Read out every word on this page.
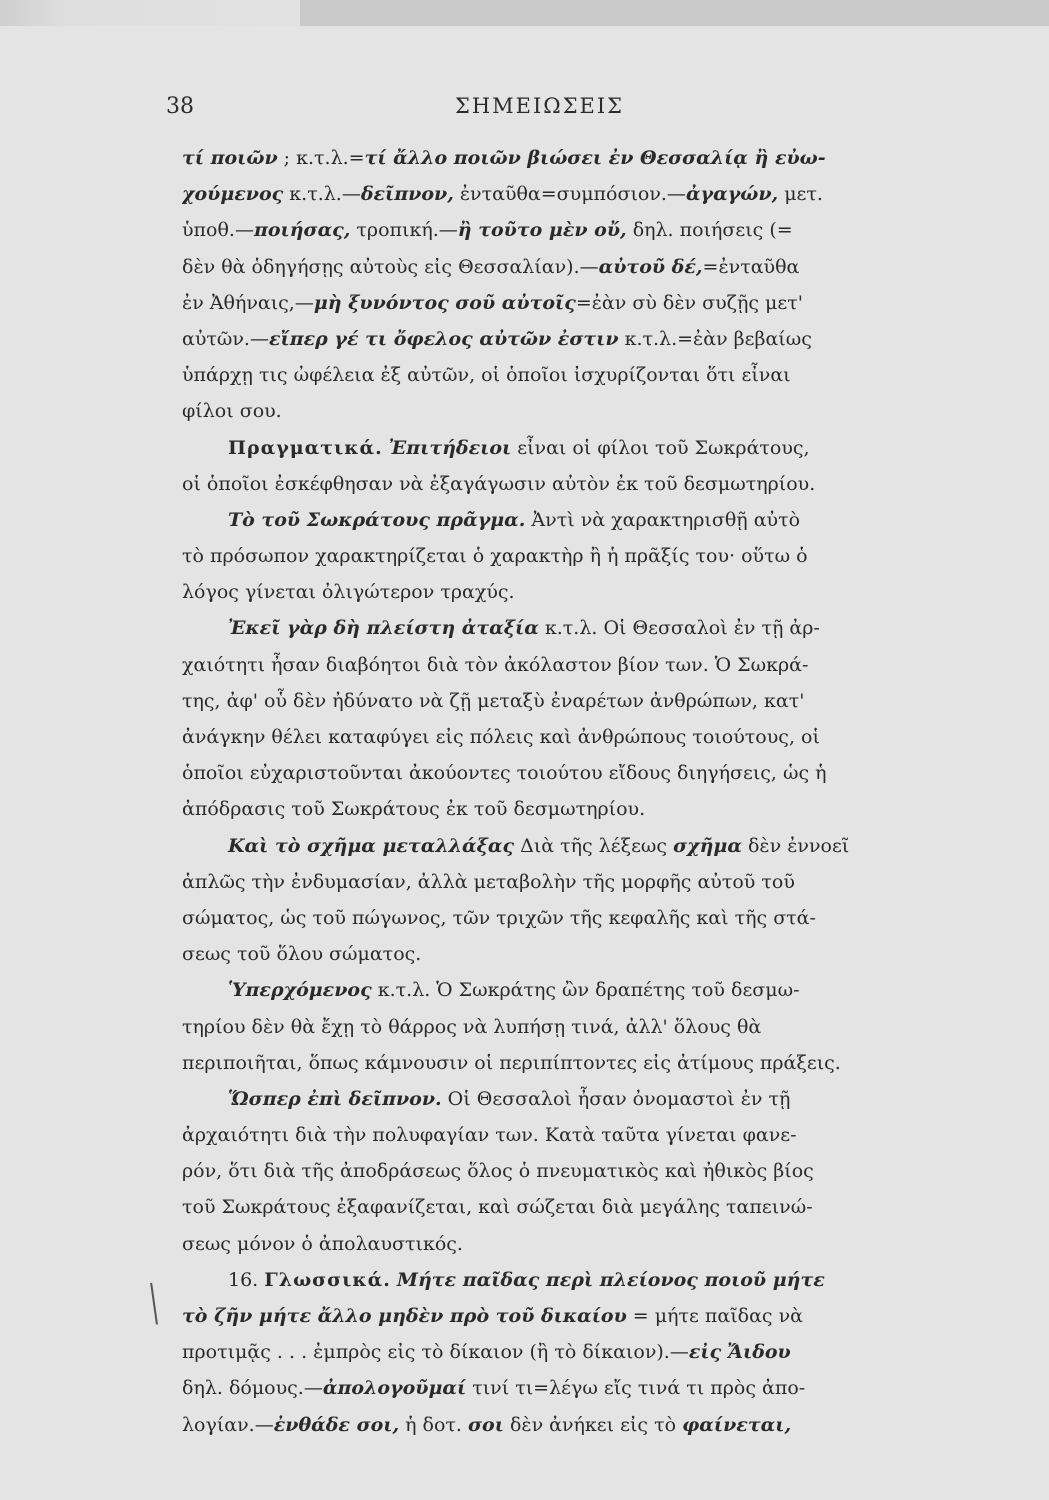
38	ΣΗΜΕΙΩΣΕΙΣ
τί ποιῶν ; κ.τ.λ.=τί ἄλλο ποιῶν βιώσει ἐν Θεσσαλίᾳ ἢ εὐω-
χούμενος κ.τ.λ.—δεῖπνον, ἐνταῦθα=συμπόσιον.—ἀγαγών, μετ.
ὑποθ.—ποιήσας, τροπική.—ἢ τοῦτο μὲν οὔ, δηλ. ποιήσεις (=
δὲν θὰ ὁδηγήσῃς αὐτοὺς εἰς Θεσσαλίαν).—αὐτοῦ δέ,=ἐνταῦθα
ἐν Ἀθήναις,—μὴ ξυνόντος σοῦ αὐτοῖς=ἐὰν σὺ δὲν συζῇς μετ'
αὐτῶν.—εἴπερ γέ τι ὄφελος αὐτῶν ἐστιν κ.τ.λ.=ἐὰν βεβαίως
ὑπάρχῃ τις ὠφέλεια ἐξ αὐτῶν, οἱ ὁποῖοι ἰσχυρίζονται ὅτι εἶναι
φίλοι σου.
Πραγματικά. Ἐπιτήδειοι εἶναι οἱ φίλοι τοῦ Σωκράτους,
οἱ ὁποῖοι ἐσκέφθησαν νὰ ἐξαγάγωσιν αὐτὸν ἐκ τοῦ δεσμωτηρίου.
Τὸ τοῦ Σωκράτους πρᾶγμα. Ἀντὶ νὰ χαρακτηρισθῇ αὐτὸ
τὸ πρόσωπον χαρακτηρίζεται ὁ χαρακτὴρ ἢ ἡ πρᾶξίς του· οὕτω ὁ
λόγος γίνεται ὀλιγώτερον τραχύς.
Ἐκεῖ γὰρ δὴ πλείστη ἀταξία κ.τ.λ. Οἱ Θεσσαλοὶ ἐν τῇ ἀρ-
χαιότητι ἦσαν διαβόητοι διὰ τὸν ἀκόλαστον βίον των. Ὁ Σωκρά-
της, ἀφ' οὗ δὲν ἠδύνατο νὰ ζῇ μεταξὺ ἐναρέτων ἀνθρώπων, κατ'
ἀνάγκην θέλει καταφύγει εἰς πόλεις καὶ ἀνθρώπους τοιούτους, οἱ
ὁποῖοι εὐχαριστοῦνται ἀκούοντες τοιούτου εἴδους διηγήσεις, ὡς ἡ
ἀπόδρασις τοῦ Σωκράτους ἐκ τοῦ δεσμωτηρίου.
Καὶ τὸ σχῆμα μεταλλάξας Διὰ τῆς λέξεως σχῆμα δὲν ἐννοεῖ
ἁπλῶς τὴν ἐνδυμασίαν, ἀλλὰ μεταβολὴν τῆς μορφῆς αὐτοῦ τοῦ
σώματος, ὡς τοῦ πώγωνος, τῶν τριχῶν τῆς κεφαλῆς καὶ τῆς στά-
σεως τοῦ ὅλου σώματος.
Ὑπερχόμενος κ.τ.λ. Ὁ Σωκράτης ὢν δραπέτης τοῦ δεσμω-
τηρίου δὲν θὰ ἔχῃ τὸ θάρρος νὰ λυπήσῃ τινά, ἀλλ' ὅλους θὰ
περιποιῆται, ὅπως κάμνουσιν οἱ περιπίπτοντες εἰς ἀτίμους πράξεις.
Ὥσπερ ἐπὶ δεῖπνον. Οἱ Θεσσαλοὶ ἦσαν ὀνομαστοὶ ἐν τῇ
ἀρχαιότητι διὰ τὴν πολυφαγίαν των. Κατὰ ταῦτα γίνεται φανε-
ρόν, ὅτι διὰ τῆς ἀποδράσεως ὅλος ὁ πνευματικὸς καὶ ἠθικὸς βίος
τοῦ Σωκράτους ἐξαφανίζεται, καὶ σώζεται διὰ μεγάλης ταπεινώ-
σεως μόνον ὁ ἀπολαυστικός.
16. Γλωσσικά. Μήτε παῖδας περὶ πλείονος ποιοῦ μήτε
τὸ ζῆν μήτε ἄλλο μηδὲν πρὸ τοῦ δικαίου = μήτε παῖδας νὰ
προτιμᾷς . . . ἐμπρὸς εἰς τὸ δίκαιον (ἢ τὸ δίκαιον).—εἰς Ἄιδου
δηλ. δόμους.—ἀπολογοῦμαί τινί τι=λέγω εἴς τινά τι πρὸς ἀπο-
λογίαν.—ἐνθάδε σοι, ἡ δοτ. σοι δὲν ἀνήκει εἰς τὸ φαίνεται,
